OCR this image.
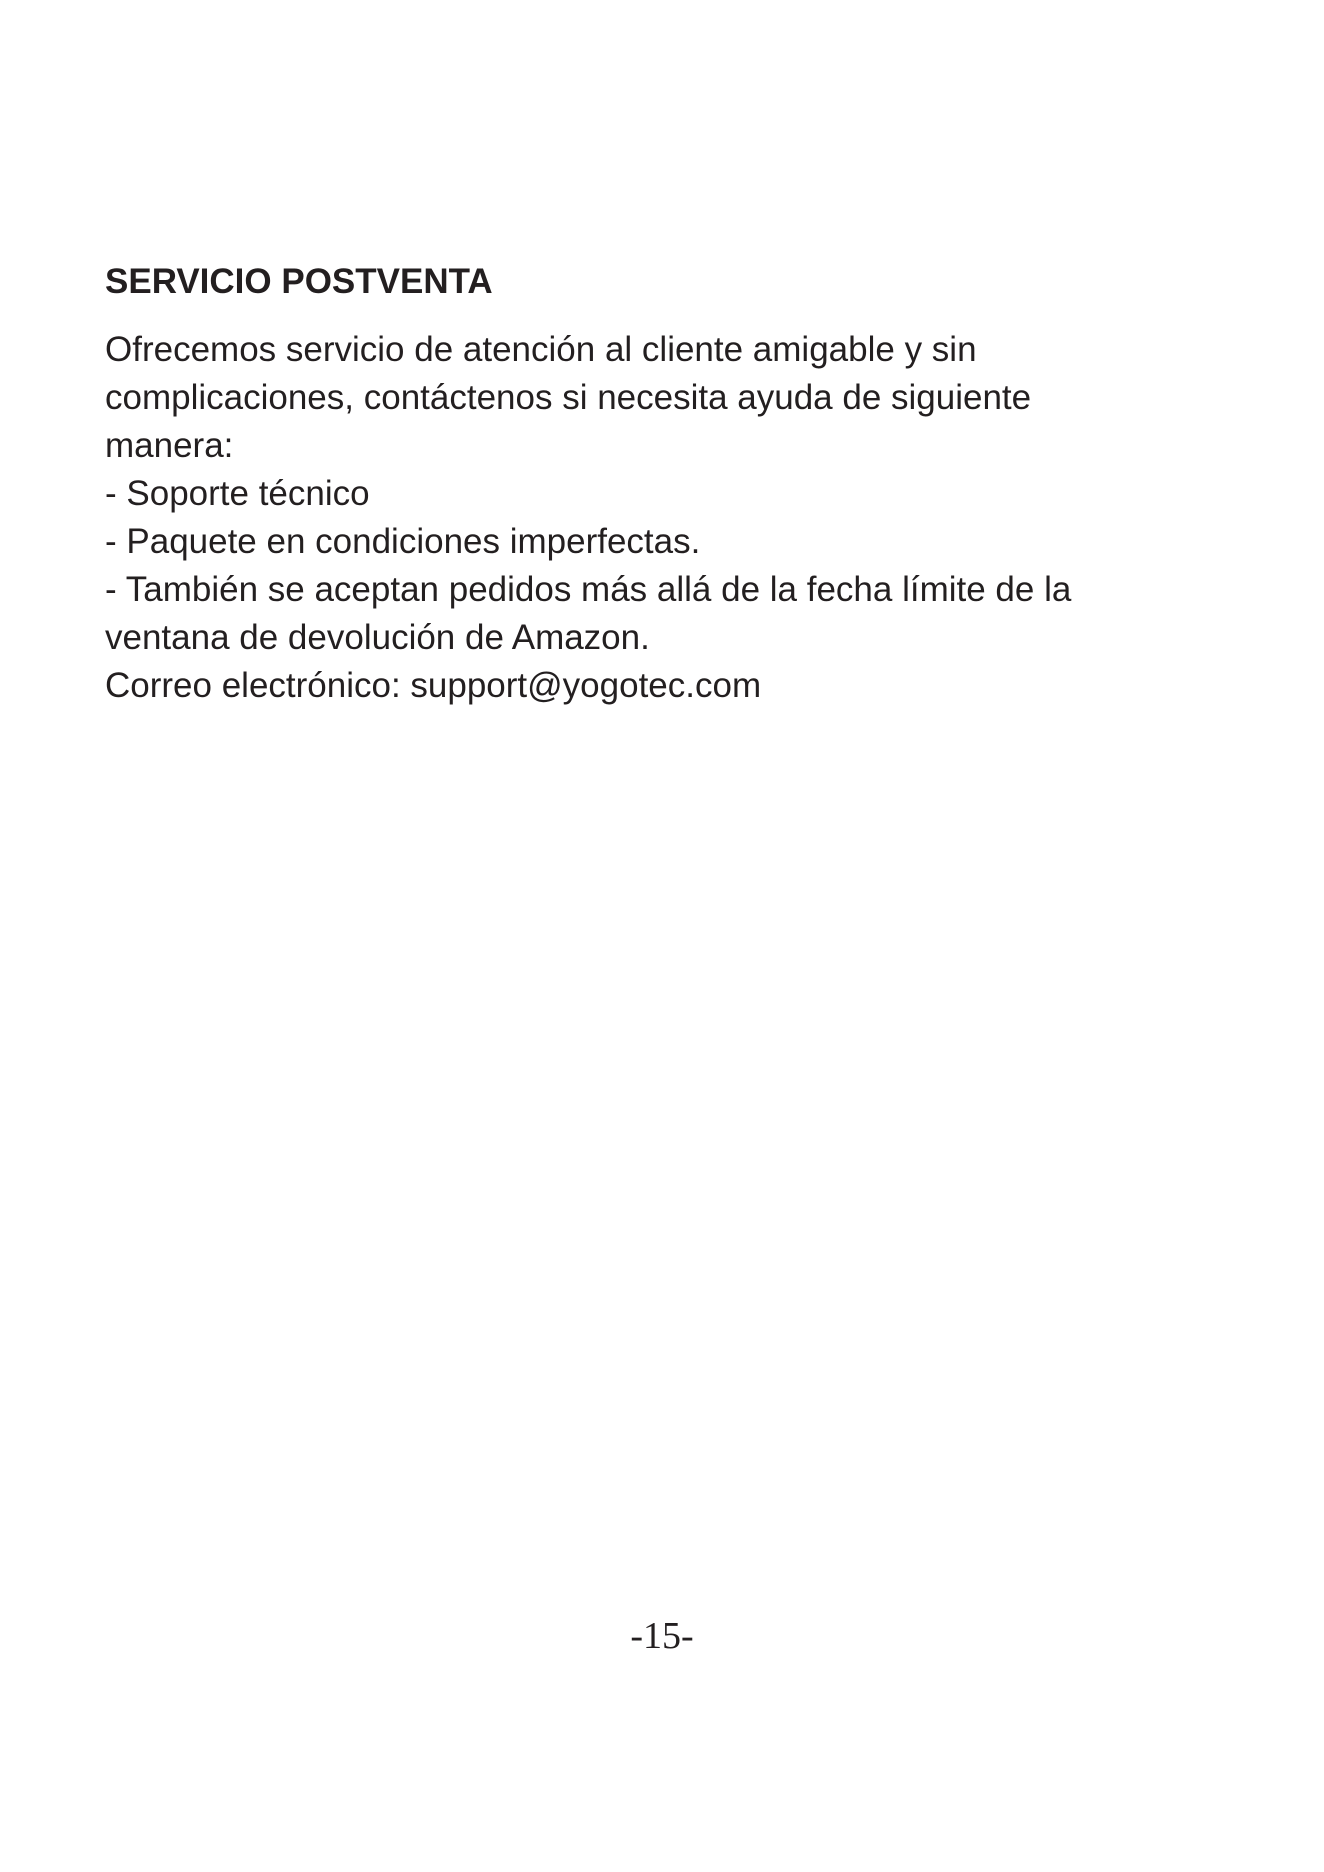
SERVICIO POSTVENTA

Ofrecemos servicio de atención al cliente amigable y sin

complicaciones, contáctenos si necesita ayuda de siguiente

manera:

- Soporte técnico

- Paquete en condiciones imperfectas.

- También se aceptan pedidos más allá de la fecha límite de la

ventana de devolución de Amazon.

Correo electrónico: support@yogotec.com

-15-
